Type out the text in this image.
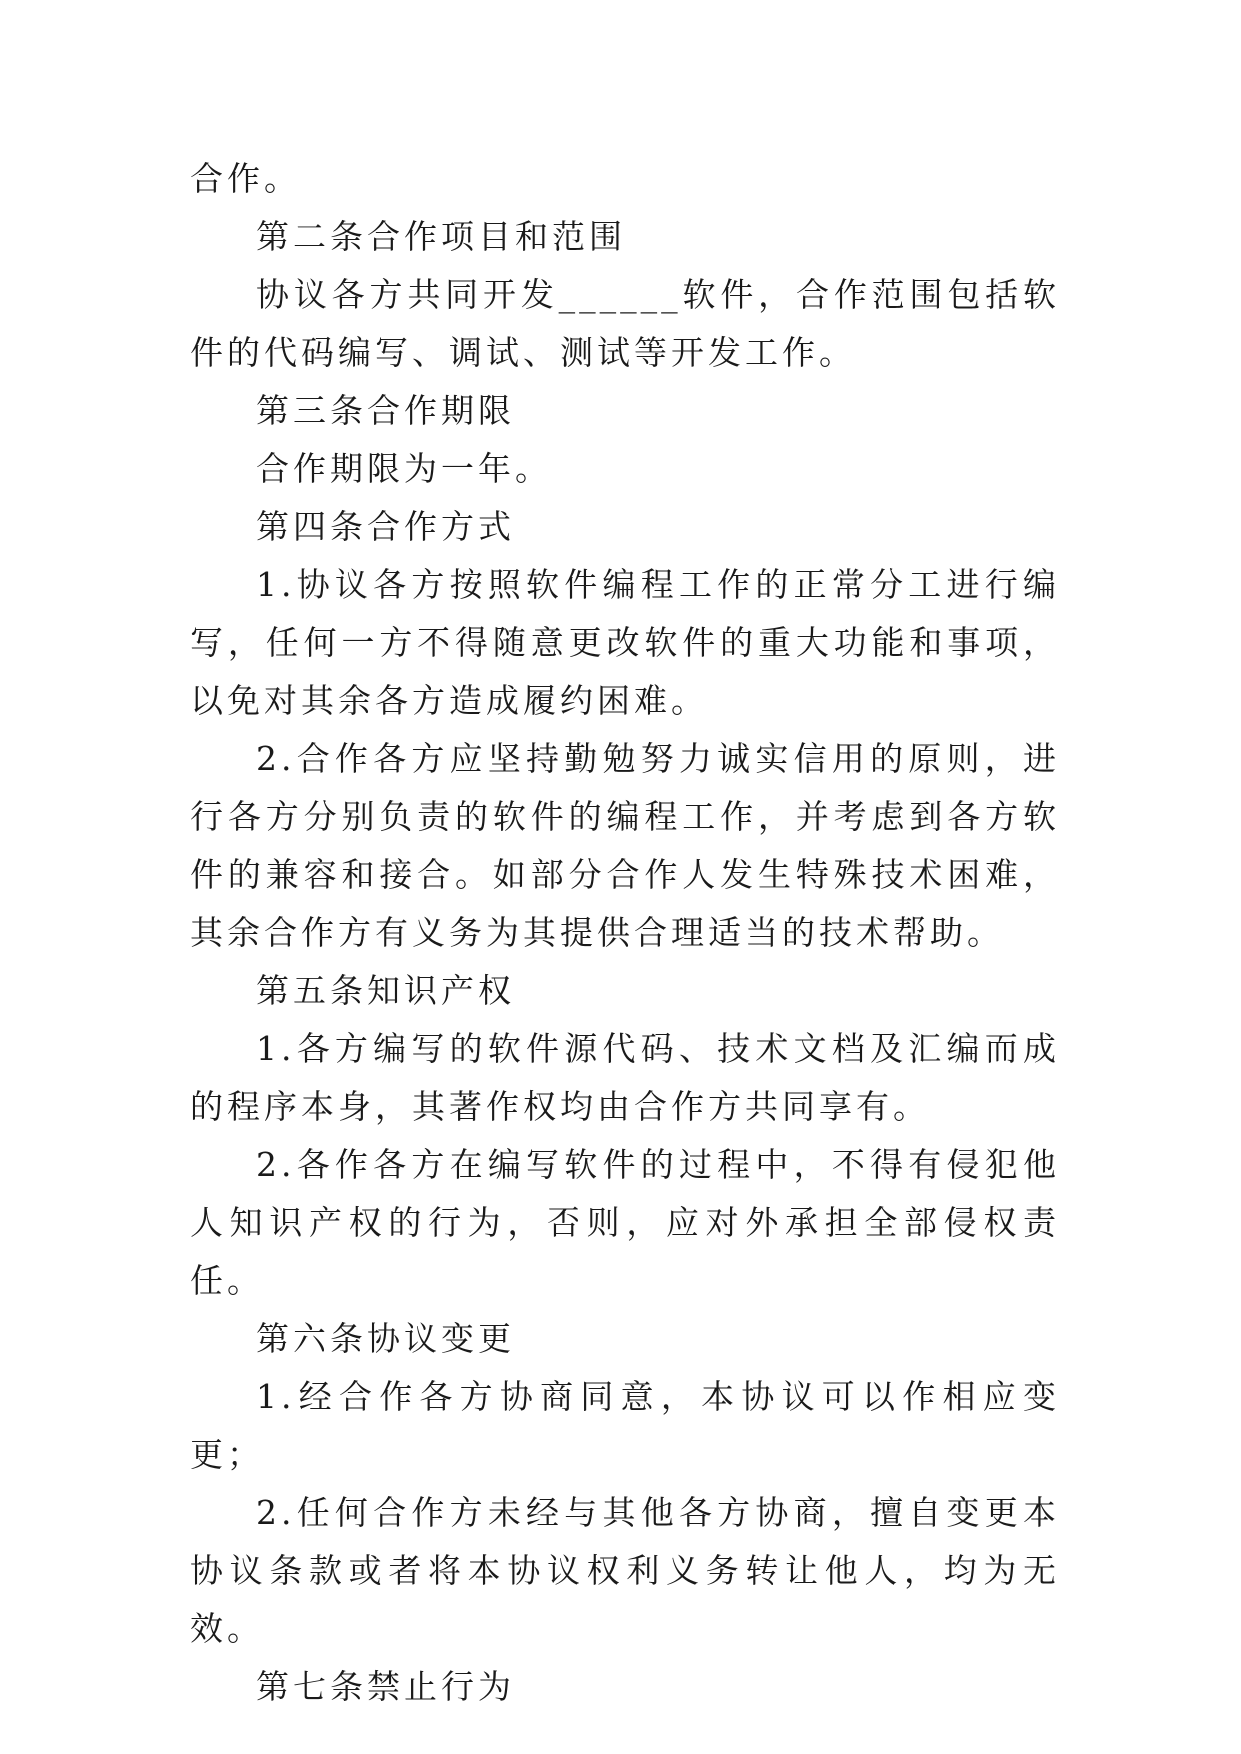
合作。

第二条合作项目和范围

协议各方共同开发______软件，合作范围包括软件的代码编写、调试、测试等开发工作。

第三条合作期限

合作期限为一年。

第四条合作方式

1.协议各方按照软件编程工作的正常分工进行编写，任何一方不得随意更改软件的重大功能和事项，以免对其余各方造成履约困难。

2.合作各方应坚持勤勉努力诚实信用的原则，进行各方分别负责的软件的编程工作，并考虑到各方软件的兼容和接合。如部分合作人发生特殊技术困难，其余合作方有义务为其提供合理适当的技术帮助。

第五条知识产权

1.各方编写的软件源代码、技术文档及汇编而成的程序本身，其著作权均由合作方共同享有。

2.各作各方在编写软件的过程中，不得有侵犯他人知识产权的行为，否则，应对外承担全部侵权责任。

第六条协议变更

1.经合作各方协商同意，本协议可以作相应变更；

2.任何合作方未经与其他各方协商，擅自变更本协议条款或者将本协议权利义务转让他人，均为无效。

第七条禁止行为
